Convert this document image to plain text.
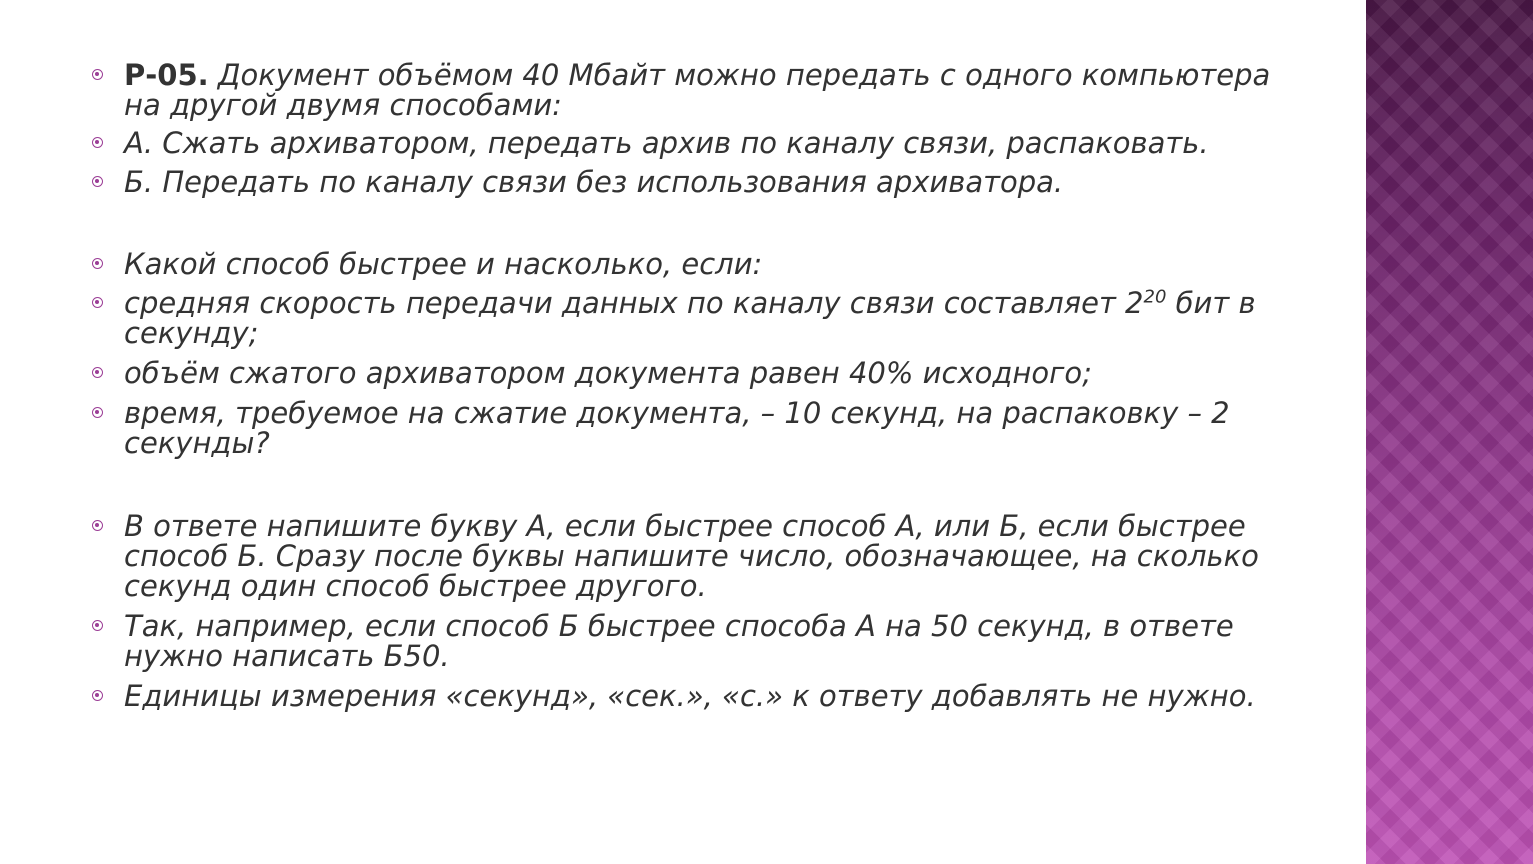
Р-05. Документ объёмом 40 Мбайт можно передать с одного компьютера на другой двумя способами:

А. Сжать архиватором, передать архив по каналу связи, распаковать.

Б. Передать по каналу связи без использования архиватора.

Какой способ быстрее и насколько, если:

средняя скорость передачи данных по каналу связи составляет $2^{20}$ бит в секунду;

объём сжатого архиватором документа равен 40% исходного;

время, требуемое на сжатие документа, – 10 секунд, на распаковку – 2 секунды?

В ответе напишите букву А, если быстрее способ А, или Б, если быстрее способ Б. Сразу после буквы напишите число, обозначающее, на сколько секунд один способ быстрее другого.

Так, например, если способ Б быстрее способа А на 50 секунд, в ответе нужно написать Б50.

Единицы измерения «секунд», «сек.», «с.» к ответу добавлять не нужно.
